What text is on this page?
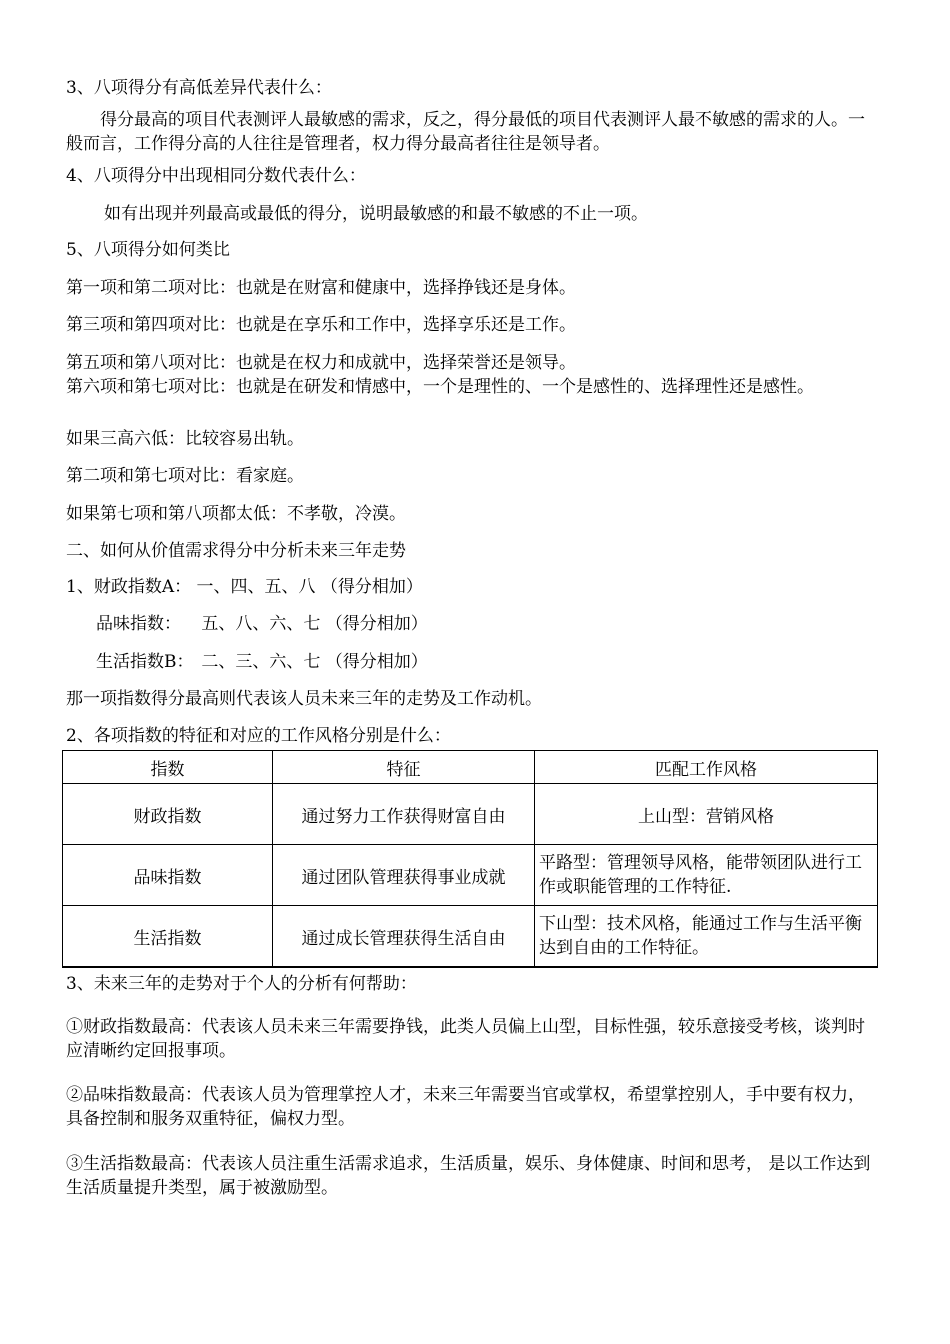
3、八项得分有高低差异代表什么：

得分最高的项目代表测评人最敏感的需求，反之，得分最低的项目代表测评人最不敏感的需求的人。一般而言，工作得分高的人往往是管理者，权力得分最高者往往是领导者。

4、八项得分中出现相同分数代表什么：

如有出现并列最高或最低的得分，说明最敏感的和最不敏感的不止一项。

5、八项得分如何类比

第一项和第二项对比：也就是在财富和健康中，选择挣钱还是身体。

第三项和第四项对比：也就是在享乐和工作中，选择享乐还是工作。

第五项和第八项对比：也就是在权力和成就中，选择荣誉还是领导。

第六项和第七项对比：也就是在研发和情感中，一个是理性的、一个是感性的、选择理性还是感性。

如果三高六低：比较容易出轨。

第二项和第七项对比：看家庭。

如果第七项和第八项都太低：不孝敬，冷漠。

二、如何从价值需求得分中分析未来三年走势

1、财政指数A： 一、四、五、八 （得分相加）

品味指数： 五、八、六、七 （得分相加）

生活指数B： 二、三、六、七 （得分相加）

那一项指数得分最高则代表该人员未来三年的走势及工作动机。

2、各项指数的特征和对应的工作风格分别是什么：

指数	特征	匹配工作风格
财政指数	通过努力工作获得财富自由	上山型：营销风格
品味指数	通过团队管理获得事业成就	平路型：管理领导风格，能带领团队进行工作或职能管理的工作特征.
生活指数	通过成长管理获得生活自由	下山型：技术风格，能通过工作与生活平衡达到自由的工作特征。

3、未来三年的走势对于个人的分析有何帮助：

①财政指数最高：代表该人员未来三年需要挣钱，此类人员偏上山型，目标性强，较乐意接受考核，谈判时应清晰约定回报事项。

②品味指数最高：代表该人员为管理掌控人才，未来三年需要当官或掌权，希望掌控别人，手中要有权力，具备控制和服务双重特征，偏权力型。

③生活指数最高：代表该人员注重生活需求追求，生活质量，娱乐、身体健康、时间和思考， 是以工作达到生活质量提升类型，属于被激励型。
